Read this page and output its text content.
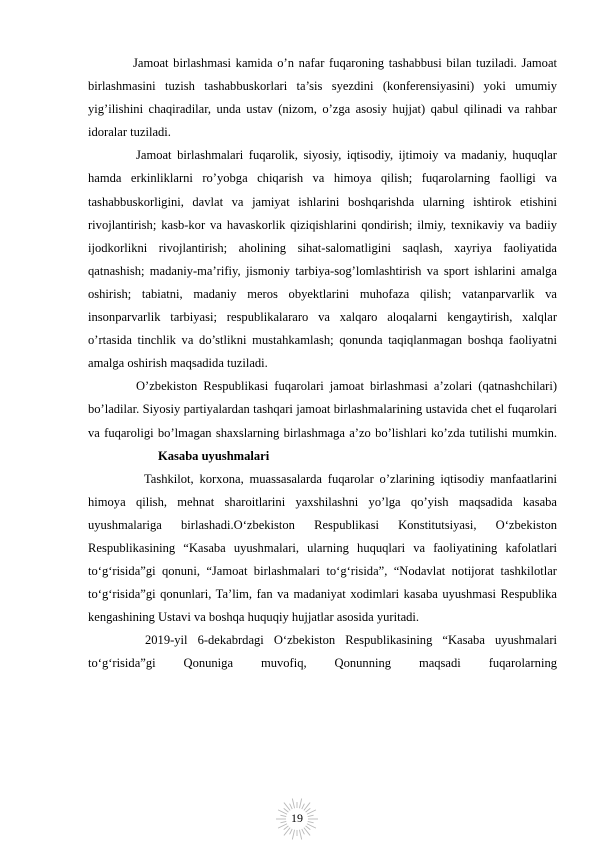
Jamoat birlashmasi kamida o’n nafar fuqaroning tashabbusi bilan tuziladi. Jamoat birlashmasini tuzish tashabbuskorlari ta’sis syezdini (konferensiyasini) yoki umumiy yig’ilishini chaqiradilar, unda ustav (nizom, o’zga asosiy hujjat) qabul qilinadi va rahbar idoralar tuziladi.

Jamoat birlashmalari fuqarolik, siyosiy, iqtisodiy, ijtimoiy va madaniy, huquqlar hamda erkinliklarni ro’yobga chiqarish va himoya qilish; fuqarolarning faolligi va tashabbuskorligini, davlat va jamiyat ishlarini boshqarishda ularning ishtirok etishini rivojlantirish; kasb-kor va havaskorlik qiziqishlarini qondirish; ilmiy, texnikaviy va badiiy ijodkorlikni rivojlantirish; aholining sihat-salomatligini saqlash, xayriya faoliyatida qatnashish; madaniy-ma’rifiy, jismoniy tarbiya-sog’lomlashtirish va sport ishlarini amalga oshirish; tabiatni, madaniy meros obyektlarini muhofaza qilish; vatanparvarlik va insonparvarlik tarbiyasi; respublikalararo va xalqaro aloqalarni kengaytirish, xalqlar o’rtasida tinchlik va do’stlikni mustahkamlash; qonunda taqiqlanmagan boshqa faoliyatni amalga oshirish maqsadida tuziladi.

O’zbekiston Respublikasi fuqarolari jamoat birlashmasi a’zolari (qatnashchilari) bo’ladilar. Siyosiy partiyalardan tashqari jamoat birlashmalarining ustavida chet el fuqarolari va fuqaroligi bo’lmagan shaxslarning birlashmaga a’zo bo’lishlari ko’zda tutilishi mumkin.

Kasaba uyushmalari

Tashkilot, korxona, muassasalarda fuqarolar o’zlarining iqtisodiy manfaatlarini himoya qilish, mehnat sharoitlarini yaxshilashni yo’lga qo’yish maqsadida kasaba uyushmalariga birlashadi.O‘zbekiston Respublikasi Konstitutsiyasi, O‘zbekiston Respublikasining “Kasaba uyushmalari, ularning huquqlari va faoliyatining kafolatlari to‘g‘risida”gi qonuni, “Jamoat birlashmalari to‘g‘risida”, “Nodavlat notijorat tashkilotlar to‘g‘risida”gi qonunlari, Ta’lim, fan va madaniyat xodimlari kasaba uyushmasi Respublika kengashining Ustavi va boshqa huquqiy hujjatlar asosida yuritadi.

2019-yil 6-dekabrdagi O‘zbekiston Respublikasining “Kasaba uyushmalari to‘g‘risida”gi Qonuniga muvofiq, Qonunning maqsadi fuqarolarning

19
